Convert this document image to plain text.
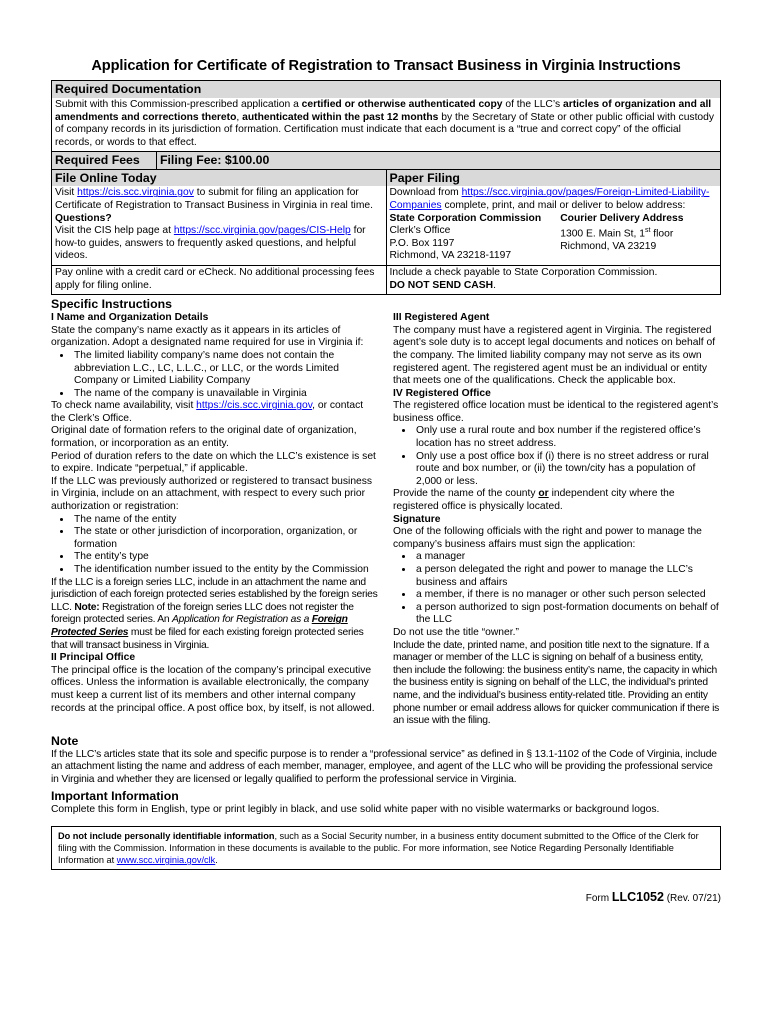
Application for Certificate of Registration to Transact Business in Virginia Instructions
Required Documentation
Submit with this Commission-prescribed application a certified or otherwise authenticated copy of the LLC’s articles of organization and all amendments and corrections thereto, authenticated within the past 12 months by the Secretary of State or other public official with custody of company records in its jurisdiction of formation. Certification must indicate that each document is a “true and correct copy” of the official records, or words to that effect.
Required Fees	Filing Fee: $100.00
File Online Today	Paper Filing
Visit https://cis.scc.virginia.gov to submit for filing an application for Certificate of Registration to Transact Business in Virginia in real time.
Questions?
Visit the CIS help page at https://scc.virginia.gov/pages/CIS-Help for how-to guides, answers to frequently asked questions, and helpful videos.
Pay online with a credit card or eCheck. No additional processing fees apply for filing online.
Download from https://scc.virginia.gov/pages/Foreign-Limited-Liability-Companies complete, print, and mail or deliver to below address:
State Corporation Commission
Clerk’s Office
P.O. Box 1197
Richmond, VA 23218-1197
Courier Delivery Address
1300 E. Main St, 1st floor
Richmond, VA 23219
Include a check payable to State Corporation Commission.
DO NOT SEND CASH.
Specific Instructions
I Name and Organization Details
State the company’s name exactly as it appears in its articles of organization. Adopt a designated name required for use in Virginia if:
• The limited liability company’s name does not contain the abbreviation L.C., LC, L.L.C., or LLC, or the words Limited Company or Limited Liability Company
• The name of the company is unavailable in Virginia
To check name availability, visit https://cis.scc.virginia.gov, or contact the Clerk’s Office.
Original date of formation refers to the original date of organization, formation, or incorporation as an entity.
Period of duration refers to the date on which the LLC’s existence is set to expire. Indicate “perpetual,” if applicable.
If the LLC was previously authorized or registered to transact business in Virginia, include on an attachment, with respect to every such prior authorization or registration:
• The name of the entity
• The state or other jurisdiction of incorporation, organization, or formation
• The entity’s type
• The identification number issued to the entity by the Commission
If the LLC is a foreign series LLC, include in an attachment the name and jurisdiction of each foreign protected series established by the foreign series LLC. Note: Registration of the foreign series LLC does not register the foreign protected series. An Application for Registration as a Foreign Protected Series must be filed for each existing foreign protected series that will transact business in Virginia.
II Principal Office
The principal office is the location of the company’s principal executive offices. Unless the information is available electronically, the company must keep a current list of its members and other internal company records at the principal office. A post office box, by itself, is not allowed.
III Registered Agent
The company must have a registered agent in Virginia. The registered agent’s sole duty is to accept legal documents and notices on behalf of the company. The limited liability company may not serve as its own registered agent. The registered agent must be an individual or entity that meets one of the qualifications. Check the applicable box.
IV Registered Office
The registered office location must be identical to the registered agent’s business office.
• Only use a rural route and box number if the registered office’s location has no street address.
• Only use a post office box if (i) there is no street address or rural route and box number, or (ii) the town/city has a population of 2,000 or less.
Provide the name of the county or independent city where the registered office is physically located.
Signature
One of the following officials with the right and power to manage the company’s business affairs must sign the application:
• a manager
• a person delegated the right and power to manage the LLC’s business and affairs
• a member, if there is no manager or other such person selected
• a person authorized to sign post-formation documents on behalf of the LLC
Do not use the title “owner.”
Include the date, printed name, and position title next to the signature. If a manager or member of the LLC is signing on behalf of a business entity, then include the following: the business entity’s name, the capacity in which the business entity is signing on behalf of the LLC, the individual’s printed name, and the individual’s business entity-related title. Providing an entity phone number or email address allows for quicker communication if there is an issue with the filing.
Note
If the LLC’s articles state that its sole and specific purpose is to render a “professional service” as defined in § 13.1-1102 of the Code of Virginia, include an attachment listing the name and address of each member, manager, employee, and agent of the LLC who will be providing the professional service in Virginia and whether they are licensed or legally qualified to perform the professional service in Virginia.
Important Information
Complete this form in English, type or print legibly in black, and use solid white paper with no visible watermarks or background logos.
Do not include personally identifiable information, such as a Social Security number, in a business entity document submitted to the Office of the Clerk for filing with the Commission. Information in these documents is available to the public. For more information, see Notice Regarding Personally Identifiable Information at www.scc.virginia.gov/clk.
Form LLC1052 (Rev. 07/21)
